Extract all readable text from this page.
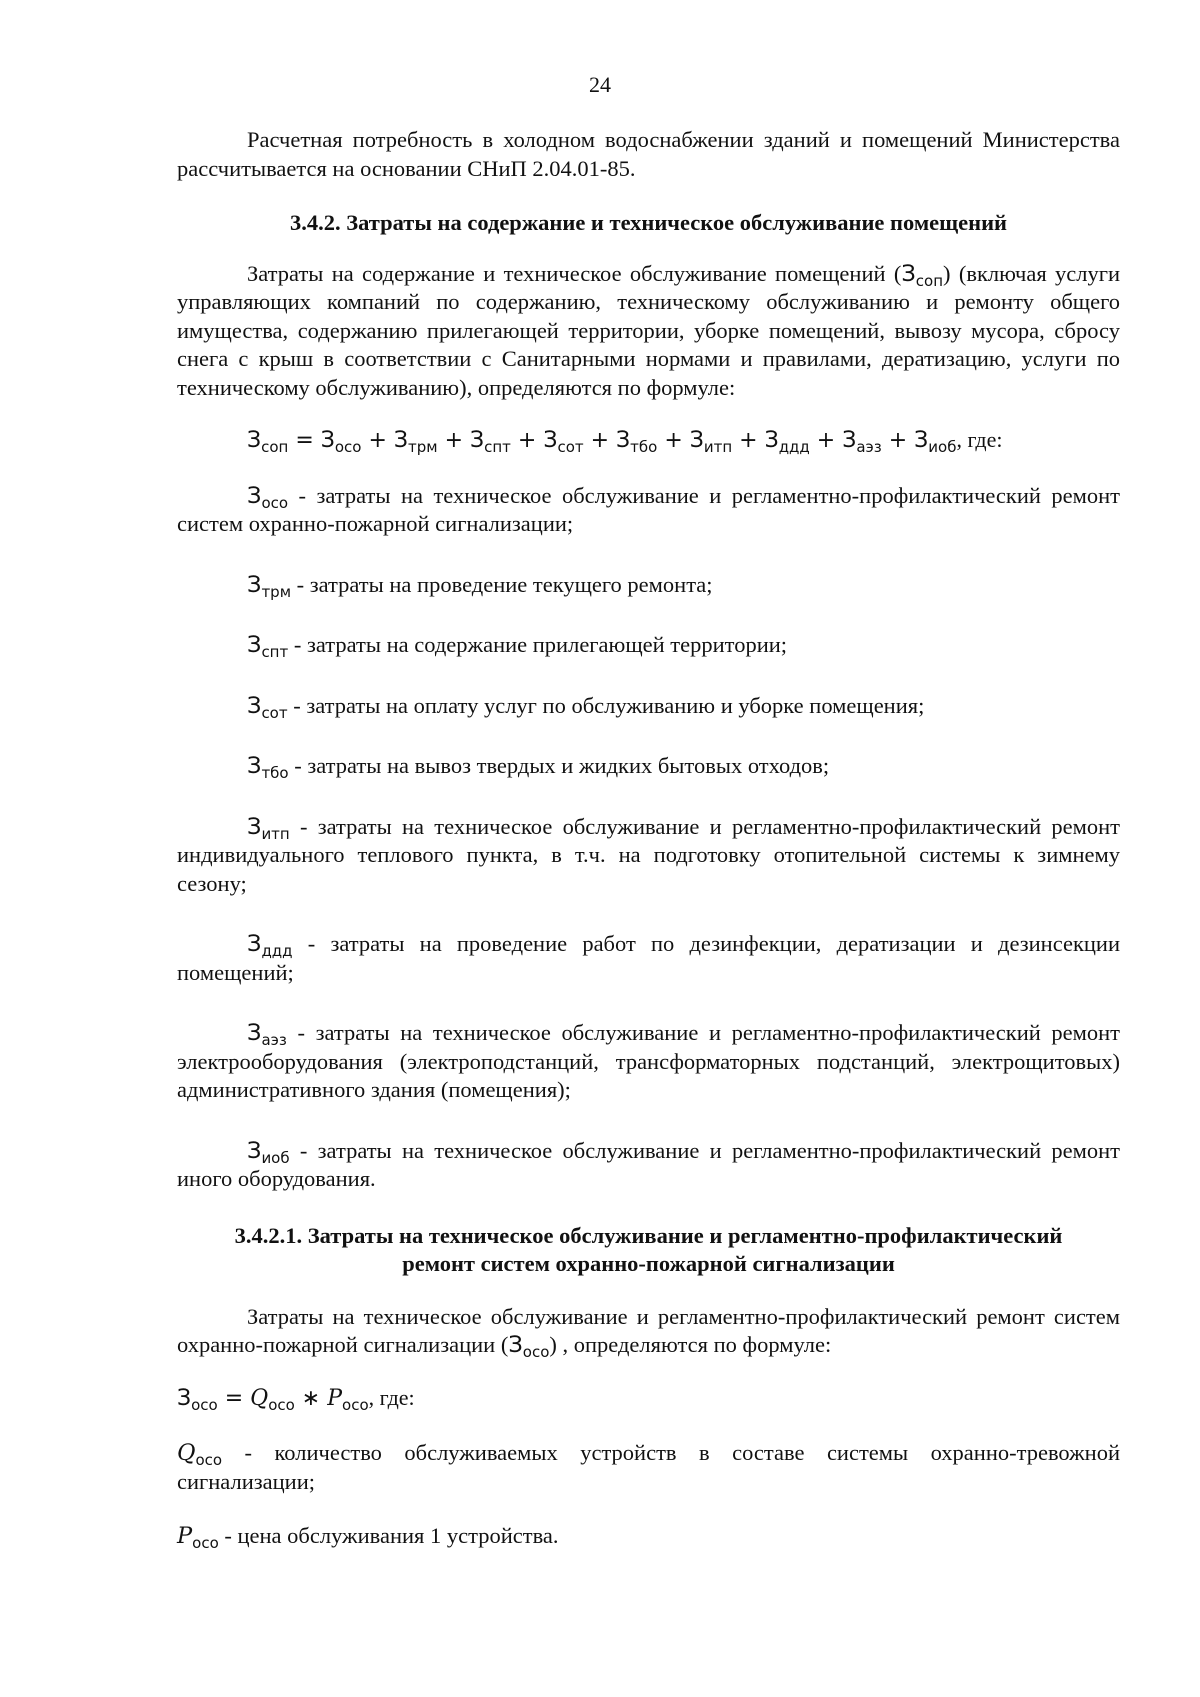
24

Расчетная потребность в холодном водоснабжении зданий и помещений Министерства рассчитывается на основании СНиП 2.04.01-85.

3.4.2. Затраты на содержание и техническое обслуживание помещений

Затраты на содержание и техническое обслуживание помещений $(З_{соп})$ (включая услуги управляющих компаний по содержанию, техническому обслуживанию и ремонту общего имущества, содержанию прилегающей территории, уборке помещений, вывозу мусора, сбросу снега с крыш в соответствии с Санитарными нормами и правилами, дератизацию, услуги по техническому обслуживанию), определяются по формуле:

$З_{соп} = З_{осо} + З_{трм} + З_{спт} + З_{сот} + З_{тбо} + З_{итп} + З_{ддд} + З_{аэз} + З_{иоб}$, где:

$З_{осо}$ - затраты на техническое обслуживание и регламентно-профилактический ремонт систем охранно-пожарной сигнализации;

$З_{трм}$ - затраты на проведение текущего ремонта;

$З_{спт}$ - затраты на содержание прилегающей территории;

$З_{сот}$ - затраты на оплату услуг по обслуживанию и уборке помещения;

$З_{тбо}$ - затраты на вывоз твердых и жидких бытовых отходов;

$З_{итп}$ - затраты на техническое обслуживание и регламентно-профилактический ремонт индивидуального теплового пункта, в т.ч. на подготовку отопительной системы к зимнему сезону;

$З_{ддд}$ - затраты на проведение работ по дезинфекции, дератизации и дезинсекции помещений;

$З_{аэз}$ - затраты на техническое обслуживание и регламентно-профилактический ремонт электрооборудования (электроподстанций, трансформаторных подстанций, электрощитовых) административного здания (помещения);

$З_{иоб}$ - затраты на техническое обслуживание и регламентно-профилактический ремонт иного оборудования.

3.4.2.1. Затраты на техническое обслуживание и регламентно-профилактический
ремонт систем охранно-пожарной сигнализации

Затраты на техническое обслуживание и регламентно-профилактический ремонт систем охранно-пожарной сигнализации $(З_{осо})$ , определяются по формуле:

$З_{осо} = Q_{осо}$ ∗ $P_{осо}$, где:

$Q_{осо}$ - количество обслуживаемых устройств в составе системы охранно-тревожной сигнализации;

$P_{осо}$ - цена обслуживания 1 устройства.
